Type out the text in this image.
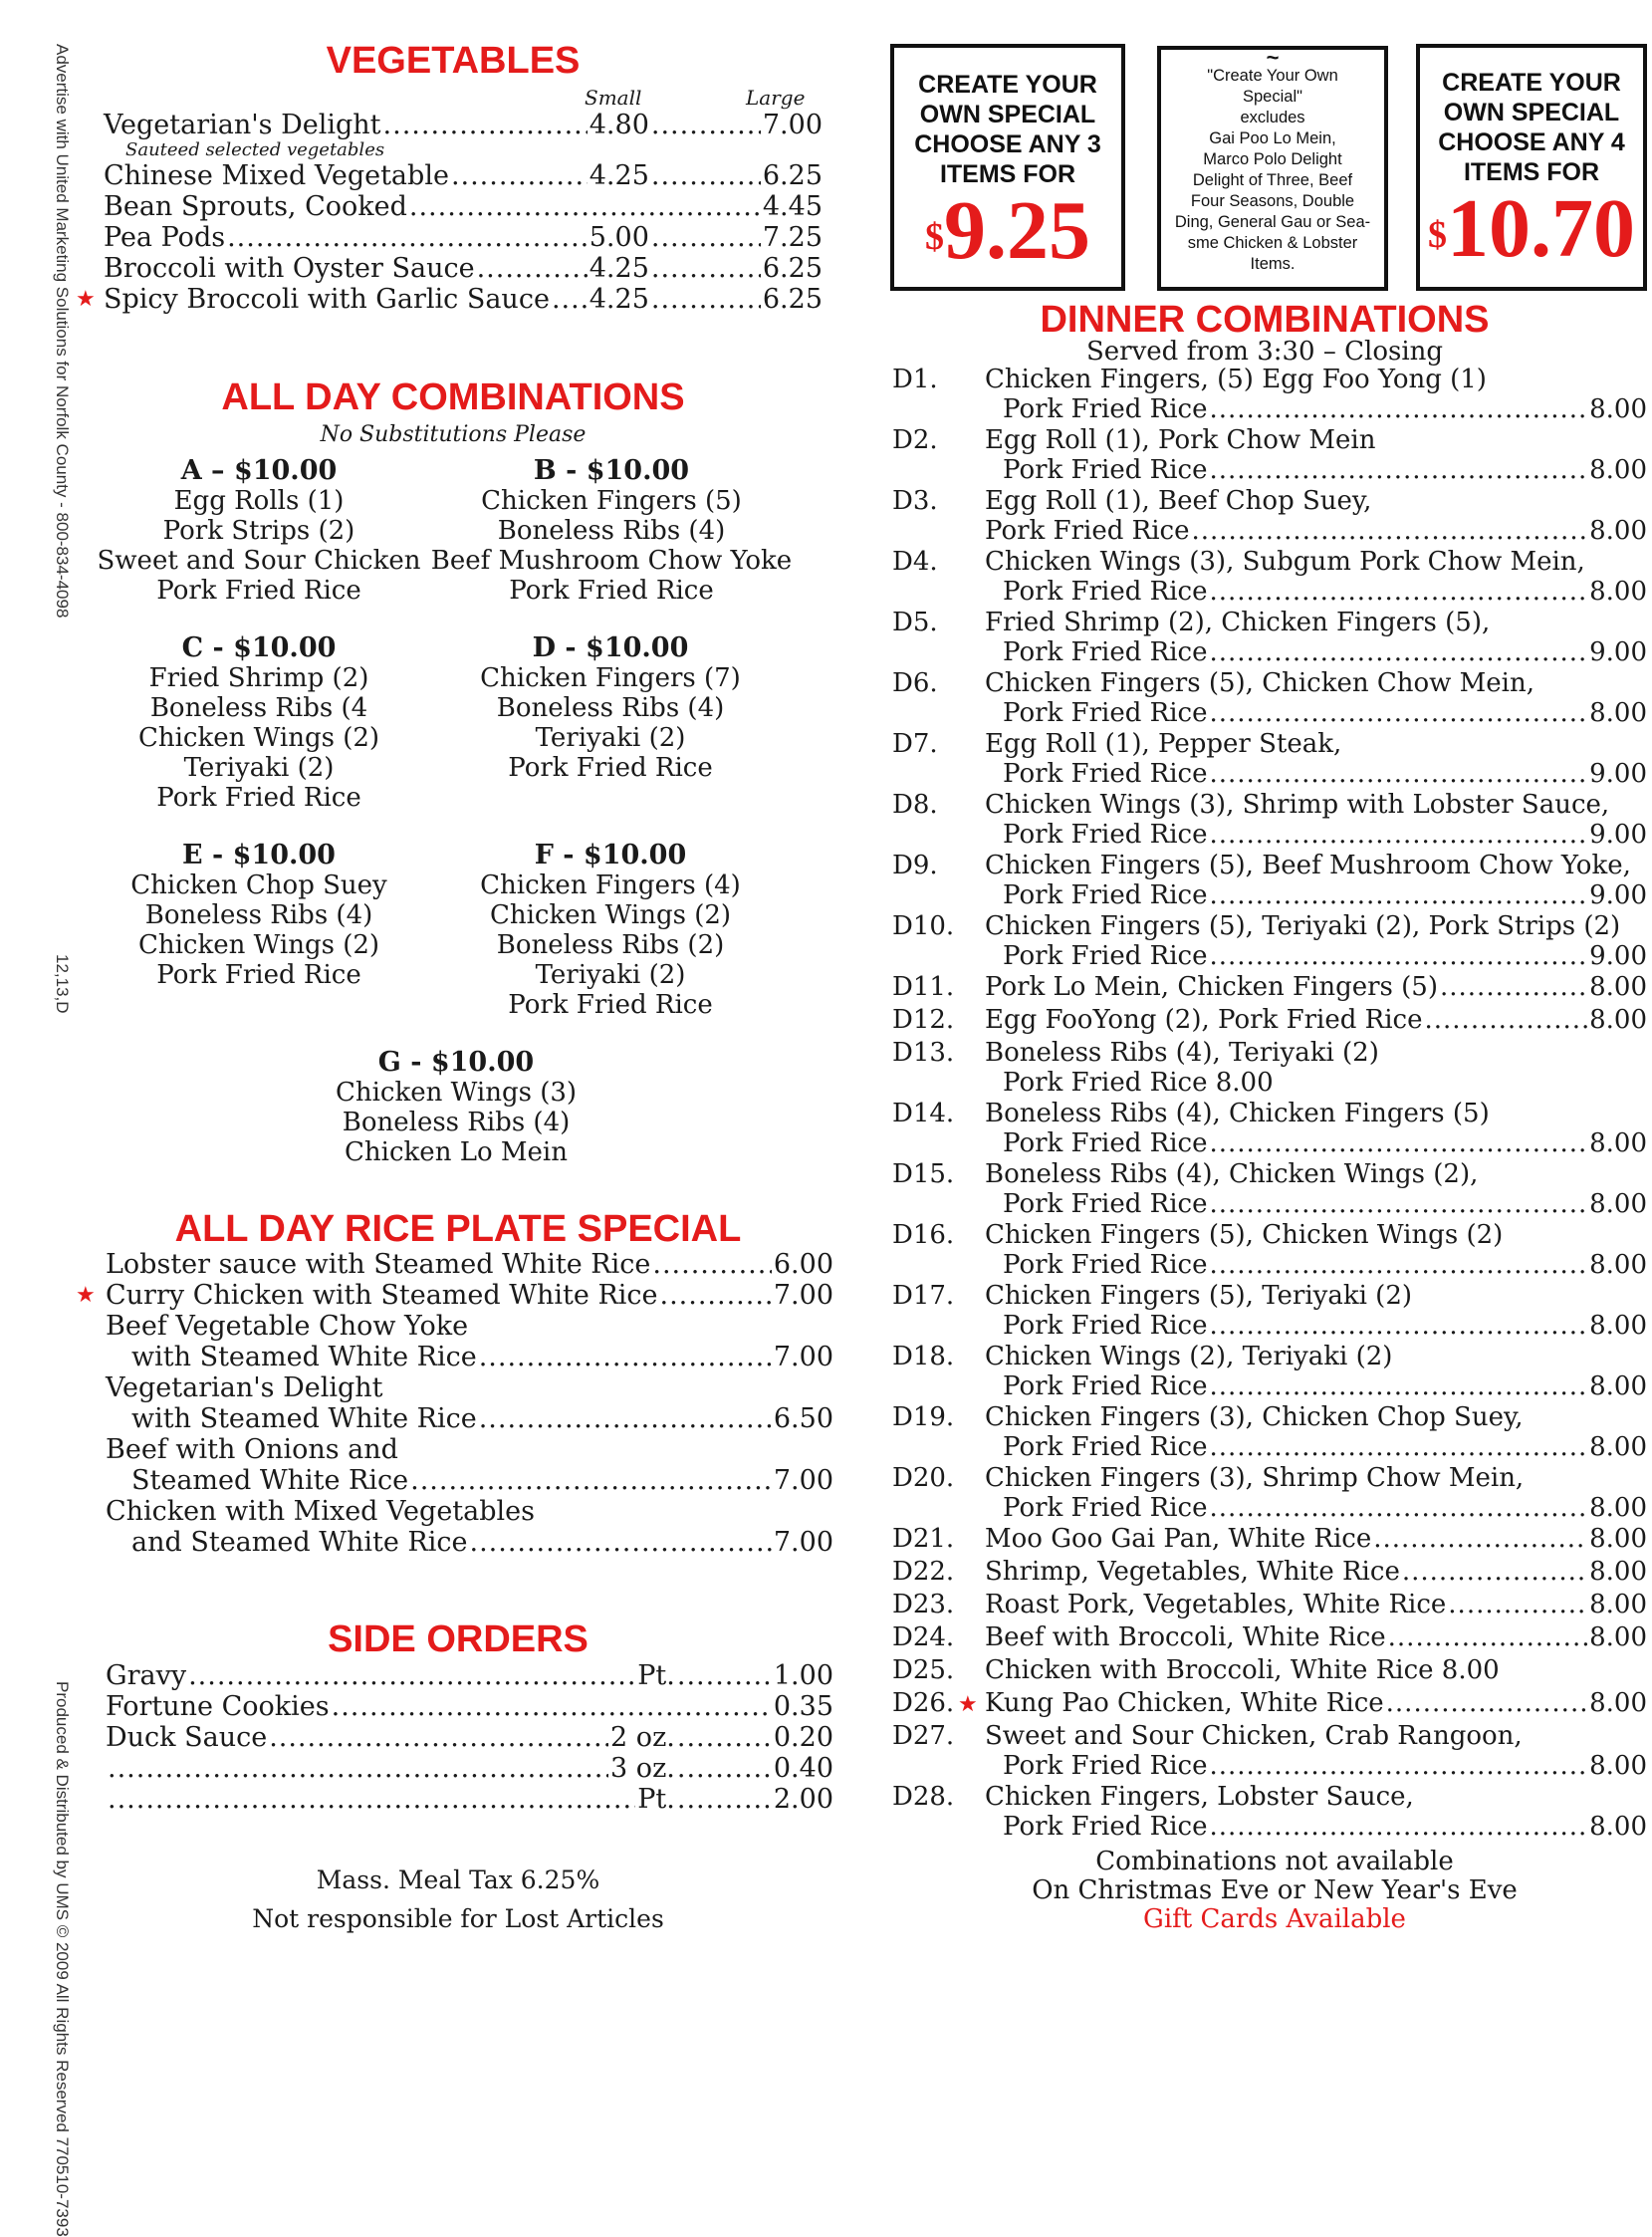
Advertise with United Marketing Solutions for Norfolk County - 800-834-4098
12,13,D
Produced & Distributed by UMS © 2009 All Rights Reserved 770510-7393
VEGETABLES
Small	Large
Vegetarian's Delight .....	4.80 .....	7.00
Sauteed selected vegetables
Chinese Mixed Vegetable .....	4.25 .....	6.25
Bean Sprouts, Cooked .....	4.45
Pea Pods .....	5.00 .....	7.25
Broccoli with Oyster Sauce .....	4.25 .....	6.25
★ Spicy Broccoli with Garlic Sauce ..... 4.25 .....	6.25
ALL DAY COMBINATIONS
No Substitutions Please
A – $10.00
Egg Rolls (1)
Pork Strips (2)
Sweet and Sour Chicken
Pork Fried Rice
B - $10.00
Chicken Fingers (5)
Boneless Ribs (4)
Beef Mushroom Chow Yoke
Pork Fried Rice
C - $10.00
Fried Shrimp (2)
Boneless Ribs (4
Chicken Wings (2)
Teriyaki (2)
Pork Fried Rice
D - $10.00
Chicken Fingers (7)
Boneless Ribs (4)
Teriyaki (2)
Pork Fried Rice
E - $10.00
Chicken Chop Suey
Boneless Ribs (4)
Chicken Wings (2)
Pork Fried Rice
F - $10.00
Chicken Fingers (4)
Chicken Wings (2)
Boneless Ribs (2)
Teriyaki (2)
Pork Fried Rice
G - $10.00
Chicken Wings (3)
Boneless Ribs (4)
Chicken Lo Mein
ALL DAY RICE PLATE SPECIAL
Lobster sauce with Steamed White Rice .....	6.00
★ Curry Chicken with Steamed White Rice .....	7.00
Beef Vegetable Chow Yoke
with Steamed White Rice .....	7.00
Vegetarian's Delight
with Steamed White Rice .....	6.50
Beef with Onions and
Steamed White Rice .....	7.00
Chicken with Mixed Vegetables
and Steamed White Rice .....	7.00
SIDE ORDERS
Gravy .....	Pt. .....	1.00
Fortune Cookies .....	0.35
Duck Sauce .....	2 oz. .....	0.20
.....
3 oz. .....	0.40
.....
Pt. .....	2.00
Mass. Meal Tax 6.25%
Not responsible for Lost Articles
CREATE YOUR
OWN SPECIAL
CHOOSE ANY 3
ITEMS FOR
$9.25
~
"Create Your Own
Special"
excludes
Gai Poo Lo Mein,
Marco Polo Delight
Delight of Three, Beef
Four Seasons, Double
Ding, General Gau or Sea-
sme Chicken & Lobster
Items.
CREATE YOUR
OWN SPECIAL
CHOOSE ANY 4
ITEMS FOR
$10.70
DINNER COMBINATIONS
Served from 3:30 – Closing
D1. Chicken Fingers, (5) Egg Foo Yong (1)
Pork Fried Rice .....	8.00
D2. Egg Roll (1), Pork Chow Mein
Pork Fried Rice .....	8.00
D3. Egg Roll (1), Beef Chop Suey,
Pork Fried Rice .....	8.00
D4. Chicken Wings (3), Subgum Pork Chow Mein,
Pork Fried Rice .....	8.00
D5. Fried Shrimp (2), Chicken Fingers (5),
Pork Fried Rice .....	9.00
D6. Chicken Fingers (5), Chicken Chow Mein,
Pork Fried Rice .....	8.00
D7. Egg Roll (1), Pepper Steak,
Pork Fried Rice .....	9.00
D8. Chicken Wings (3), Shrimp with Lobster Sauce,
Pork Fried Rice .....	9.00
D9. Chicken Fingers (5), Beef Mushroom Chow Yoke,
Pork Fried Rice .....	9.00
D10. Chicken Fingers (5), Teriyaki (2), Pork Strips (2)
Pork Fried Rice .....	9.00
D11. Pork Lo Mein, Chicken Fingers (5) .....	8.00
D12. Egg FooYong (2), Pork Fried Rice .....	8.00
D13. Boneless Ribs (4), Teriyaki (2)
Pork Fried Rice 8.00
D14. Boneless Ribs (4), Chicken Fingers (5)
Pork Fried Rice .....	8.00
D15. Boneless Ribs (4), Chicken Wings (2),
Pork Fried Rice .....	8.00
D16. Chicken Fingers (5), Chicken Wings (2)
Pork Fried Rice .....	8.00
D17. Chicken Fingers (5), Teriyaki (2)
Pork Fried Rice .....	8.00
D18. Chicken Wings (2), Teriyaki (2)
Pork Fried Rice .....	8.00
D19. Chicken Fingers (3), Chicken Chop Suey,
Pork Fried Rice .....	8.00
D20. Chicken Fingers (3), Shrimp Chow Mein,
Pork Fried Rice .....	8.00
D21. Moo Goo Gai Pan, White Rice .....	8.00
D22. Shrimp, Vegetables, White Rice .....	8.00
D23. Roast Pork, Vegetables, White Rice .....	8.00
D24. Beef with Broccoli, White Rice .....	8.00
D25. Chicken with Broccoli, White Rice 8.00
D26. ★ Kung Pao Chicken, White Rice .....	8.00
D27. Sweet and Sour Chicken, Crab Rangoon,
Pork Fried Rice .....	8.00
D28. Chicken Fingers, Lobster Sauce,
Pork Fried Rice .....	8.00
Combinations not available
On Christmas Eve or New Year's Eve
Gift Cards Available
